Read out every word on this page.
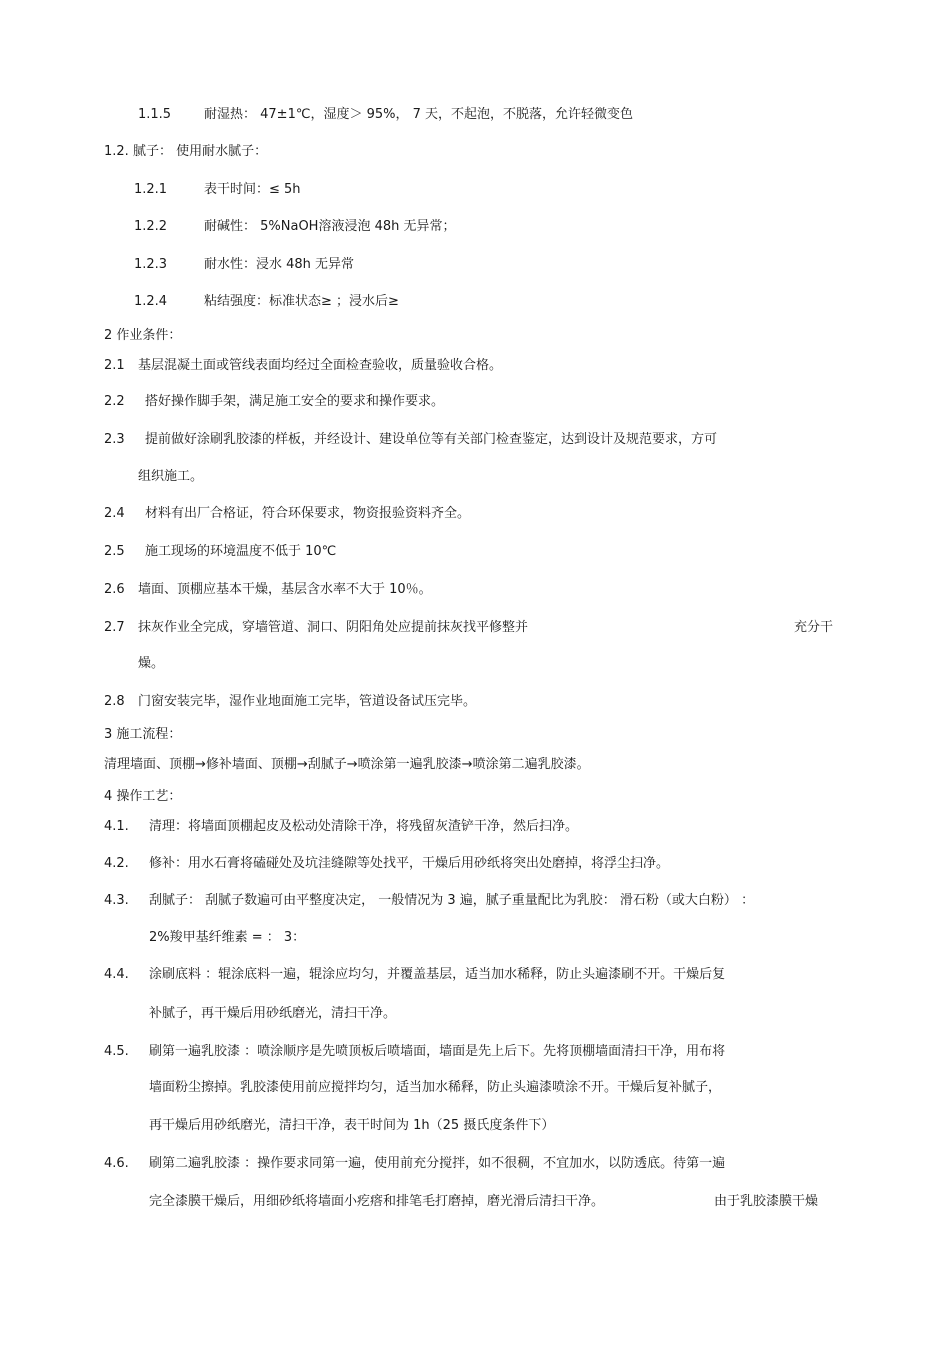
1.1.5	耐湿热： 47±1℃，湿度＞ 95%， 7 天，不起泡，不脱落，允许轻微变色
1.2. 腻子： 使用耐水腻子：
1.2.1	表干时间：≤ 5h
1.2.2	耐碱性： 5%NaOH溶液浸泡 48h 无异常；
1.2.3	耐水性：浸水 48h 无异常
1.2.4	粘结强度：标准状态≥ ；浸水后≥
2 作业条件：
2.1 基层混凝土面或管线表面均经过全面检查验收，质量验收合格。
2.2 搭好操作脚手架，满足施工安全的要求和操作要求。
2.3 提前做好涂刷乳胶漆的样板，并经设计、建设单位等有关部门检查鉴定，达到设计及规范要求，方可
组织施工。
2.4 材料有出厂合格证，符合环保要求，物资报验资料齐全。
2.5 施工现场的环境温度不低于 10℃
2.6 墙面、顶棚应基本干燥，基层含水率不大于 10％。
2.7 抹灰作业全完成，穿墙管道、洞口、阴阳角处应提前抹灰找平修整并	充分干
燥。
2.8 门窗安装完毕，湿作业地面施工完毕，管道设备试压完毕。
3 施工流程：
清理墙面、顶棚→修补墙面、顶棚→刮腻子→喷涂第一遍乳胶漆→喷涂第二遍乳胶漆。
4 操作工艺：
4.1. 清理：将墙面顶棚起皮及松动处清除干净，将残留灰渣铲干净，然后扫净。
4.2. 修补：用水石膏将磕碰处及坑洼缝隙等处找平，干燥后用砂纸将突出处磨掉，将浮尘扫净。
4.3. 刮腻子： 刮腻子数遍可由平整度决定， 一般情况为 3 遍，腻子重量配比为乳胶： 滑石粉（或大白粉） ：
2%羧甲基纤维素 = ： 3：
4.4. 涂刷底料 ：辊涂底料一遍，辊涂应均匀，并覆盖基层，适当加水稀释，防止头遍漆刷不开。干燥后复
补腻子，再干燥后用砂纸磨光，清扫干净。
4.5. 刷第一遍乳胶漆 ：喷涂顺序是先喷顶板后喷墙面，墙面是先上后下。先将顶棚墙面清扫干净，用布将
墙面粉尘擦掉。乳胶漆使用前应搅拌均匀，适当加水稀释，防止头遍漆喷涂不开。干燥后复补腻子，
再干燥后用砂纸磨光，清扫干净，表干时间为 1h（25 摄氏度条件下）
4.6. 刷第二遍乳胶漆 ：操作要求同第一遍，使用前充分搅拌，如不很稠，不宜加水，以防透底。待第一遍
完全漆膜干燥后，用细砂纸将墙面小疙瘩和排笔毛打磨掉，磨光滑后清扫干净。	由于乳胶漆膜干燥
